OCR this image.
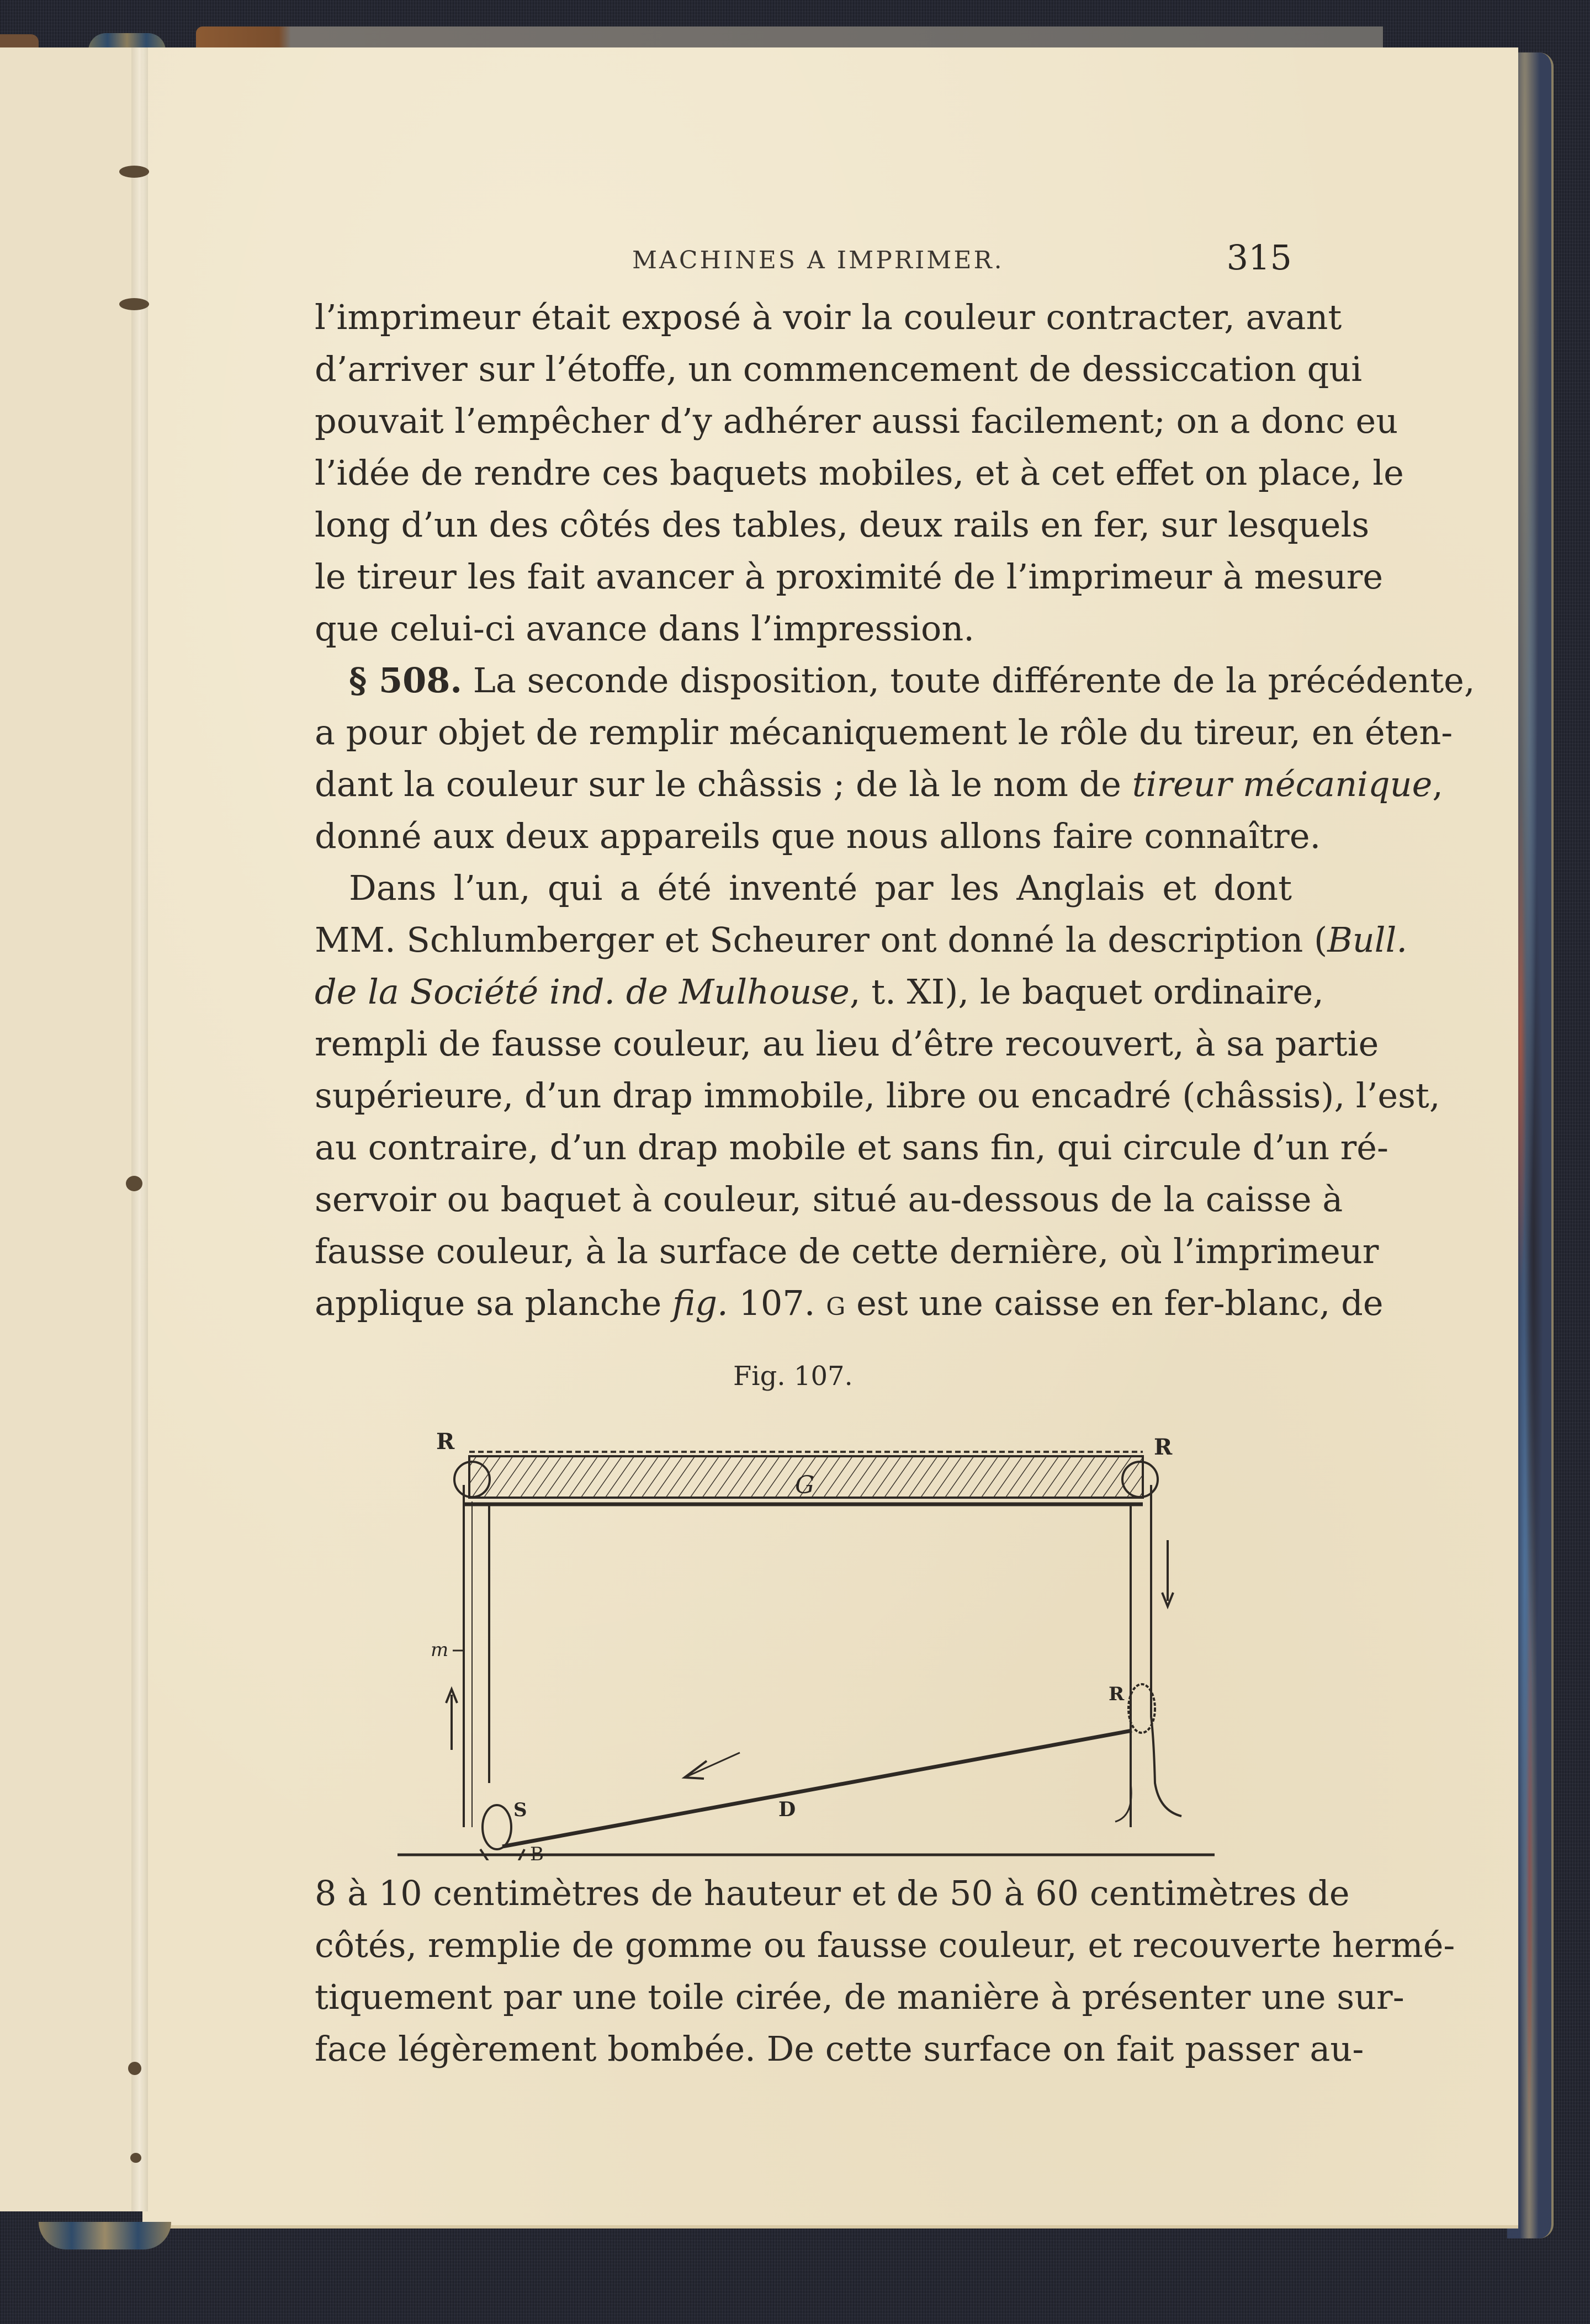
MACHINES A IMPRIMER.	315
l’imprimeur était exposé à voir la couleur contracter, avant
d’arriver sur l’étoffe, un commencement de dessiccation qui
pouvait l’empêcher d’y adhérer aussi facilement; on a donc eu
l’idée de rendre ces baquets mobiles, et à cet effet on place, le
long d’un des côtés des tables, deux rails en fer, sur lesquels
le tireur les fait avancer à proximité de l’imprimeur à mesure
que celui-ci avance dans l’impression.
§ 508. La seconde disposition, toute différente de la précédente,
a pour objet de remplir mécaniquement le rôle du tireur, en éten-
dant la couleur sur le châssis ; de là le nom de tireur mécanique,
donné aux deux appareils que nous allons faire connaître.
Dans l’un, qui a été inventé par les Anglais et dont
MM. Schlumberger et Scheurer ont donné la description (Bull.
de la Société ind. de Mulhouse, t. XI), le baquet ordinaire,
rempli de fausse couleur, au lieu d’être recouvert, à sa partie
supérieure, d’un drap immobile, libre ou encadré (châssis), l’est,
au contraire, d’un drap mobile et sans fin, qui circule d’un ré-
servoir ou baquet à couleur, situé au-dessous de la caisse à
fausse couleur, à la surface de cette dernière, où l’imprimeur
applique sa planche fig. 107. G est une caisse en fer-blanc, de
8 à 10 centimètres de hauteur et de 50 à 60 centimètres de
côtés, remplie de gomme ou fausse couleur, et recouverte hermé-
tiquement par une toile cirée, de manière à présenter une sur-
face légèrement bombée. De cette surface on fait passer au-
Fig. 107.
R	R
R
G
D
S
B
m
